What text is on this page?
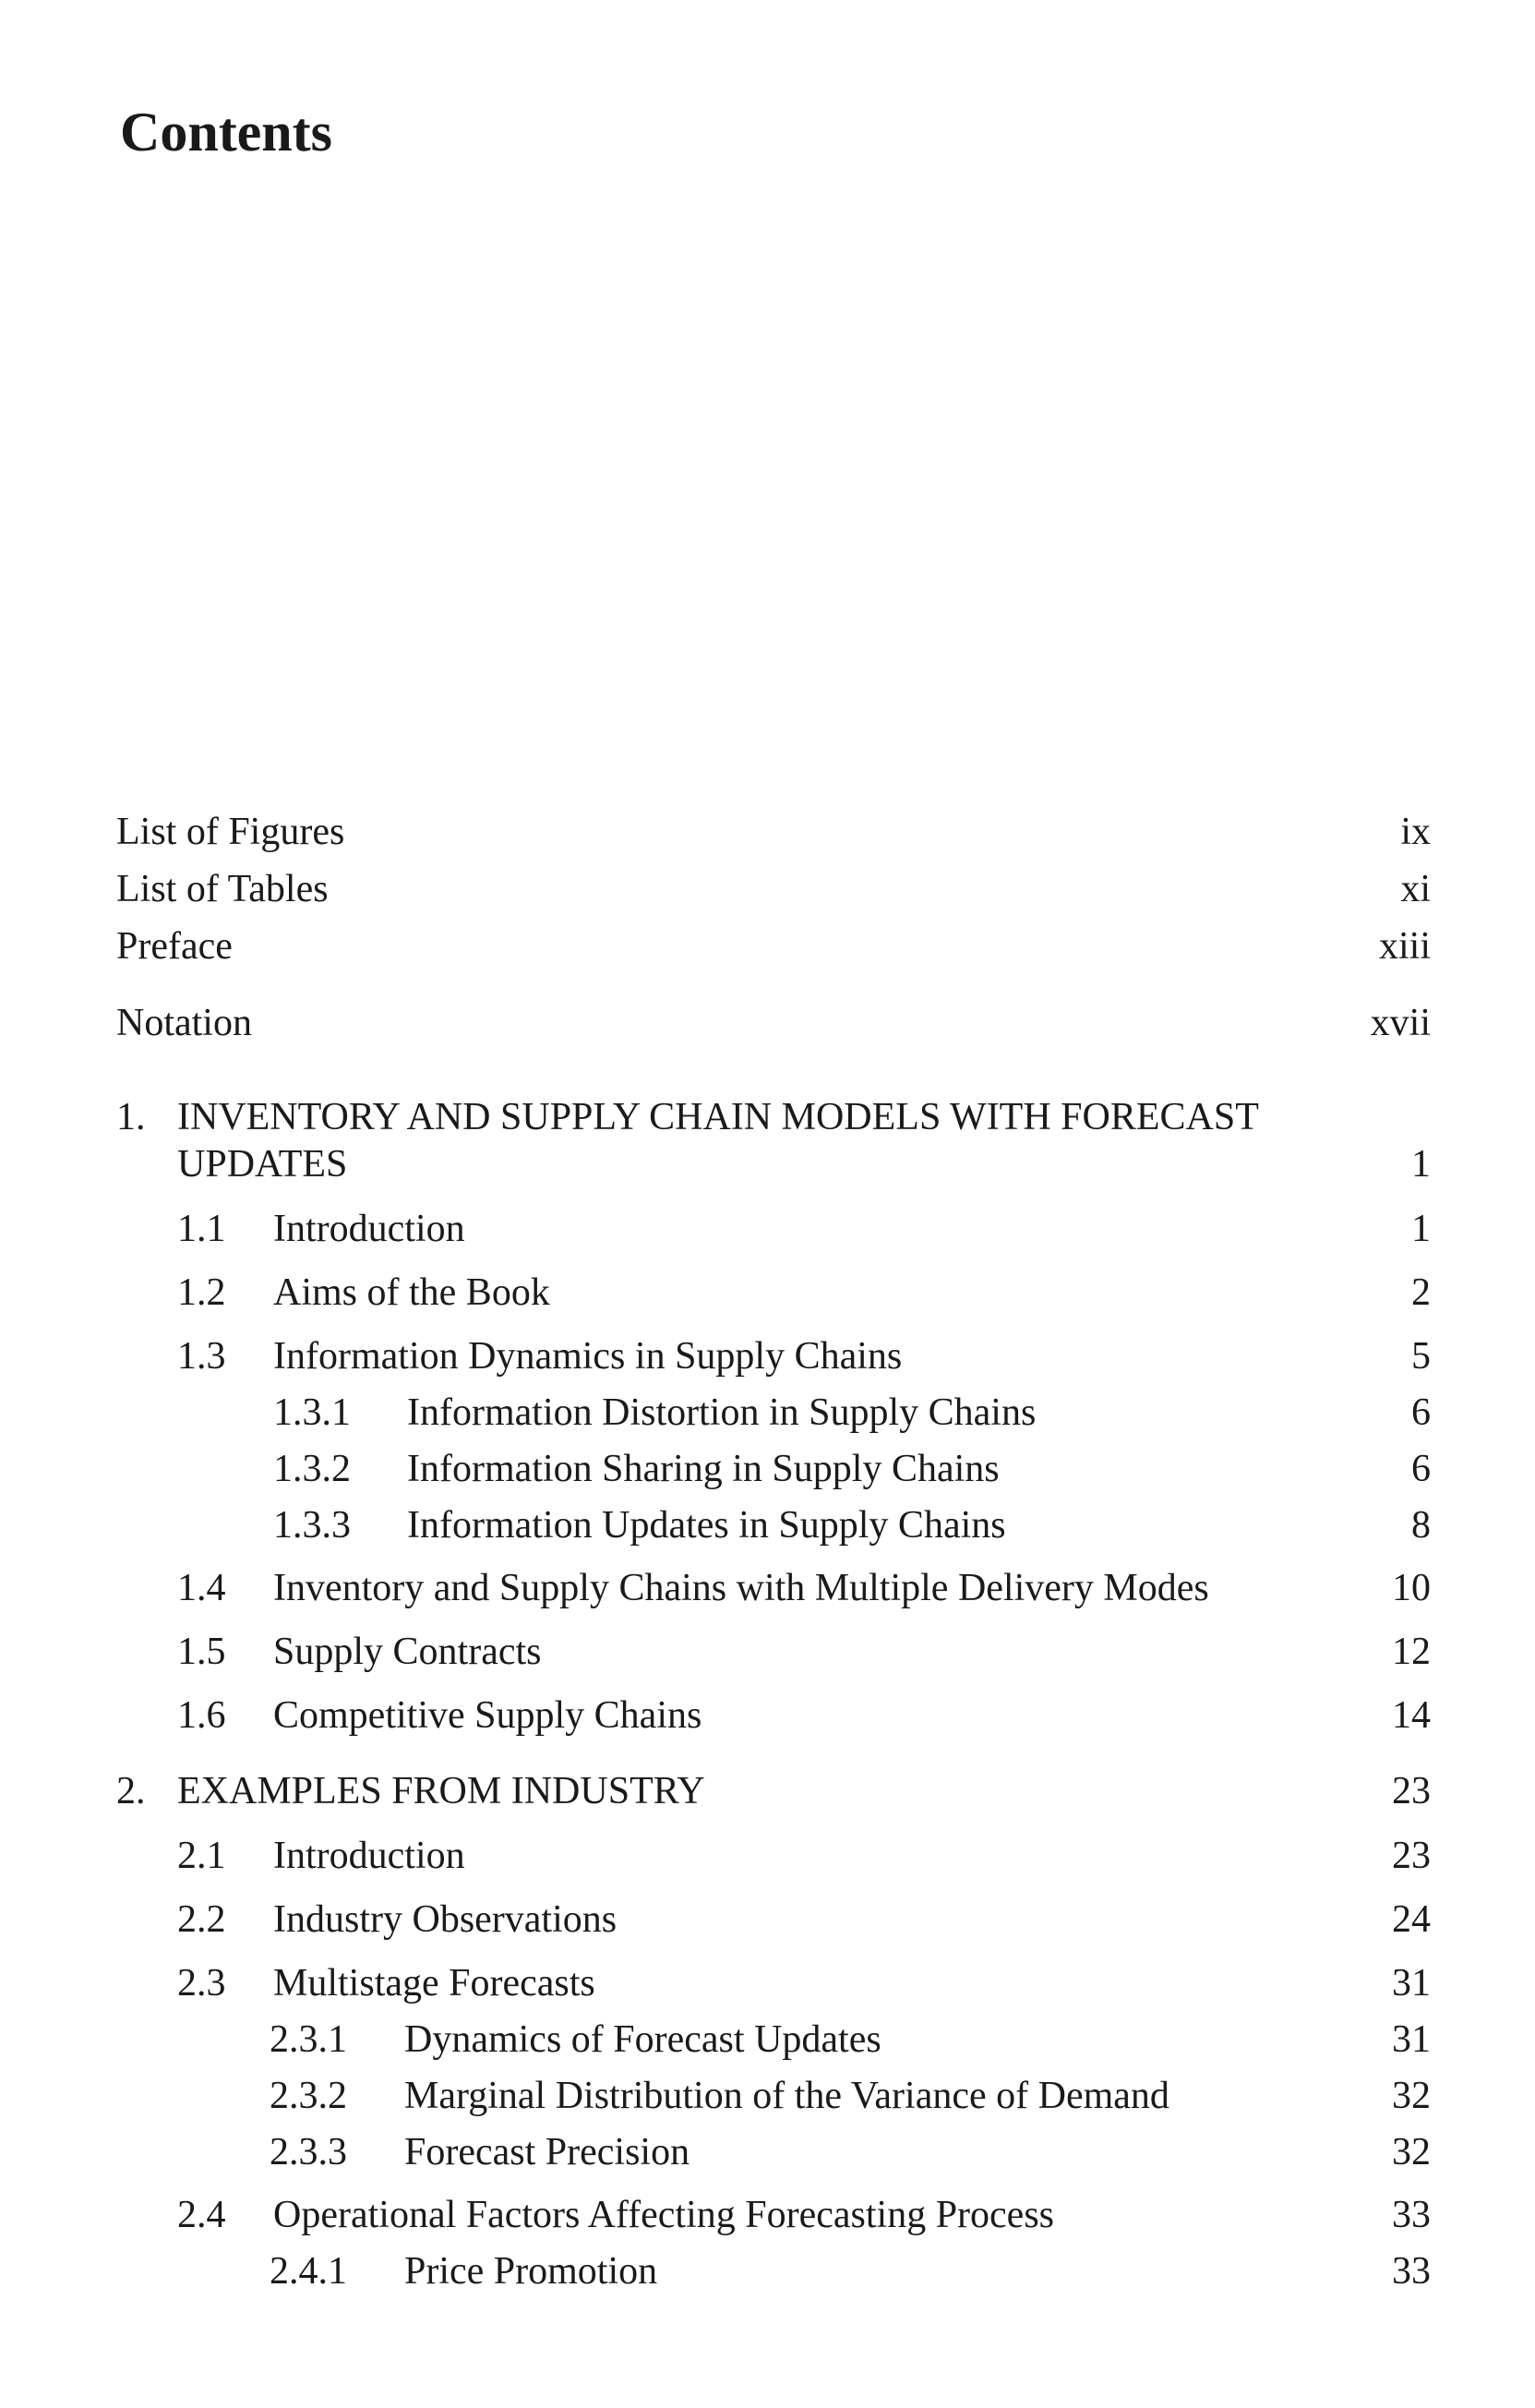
Contents
List of Figures	ix
List of Tables	xi
Preface	xiii
Notation	xvii
1. INVENTORY AND SUPPLY CHAIN MODELS WITH FORECAST
UPDATES	1
1.1 Introduction	1
1.2 Aims of the Book	2
1.3 Information Dynamics in Supply Chains	5
1.3.1 Information Distortion in Supply Chains	6
1.3.2 Information Sharing in Supply Chains	6
1.3.3 Information Updates in Supply Chains	8
1.4 Inventory and Supply Chains with Multiple Delivery Modes	10
1.5 Supply Contracts	12
1.6 Competitive Supply Chains	14
2. EXAMPLES FROM INDUSTRY	23
2.1 Introduction	23
2.2 Industry Observations	24
2.3 Multistage Forecasts	31
2.3.1 Dynamics of Forecast Updates	31
2.3.2 Marginal Distribution of the Variance of Demand	32
2.3.3 Forecast Precision	32
2.4 Operational Factors Affecting Forecasting Process	33
2.4.1 Price Promotion	33
